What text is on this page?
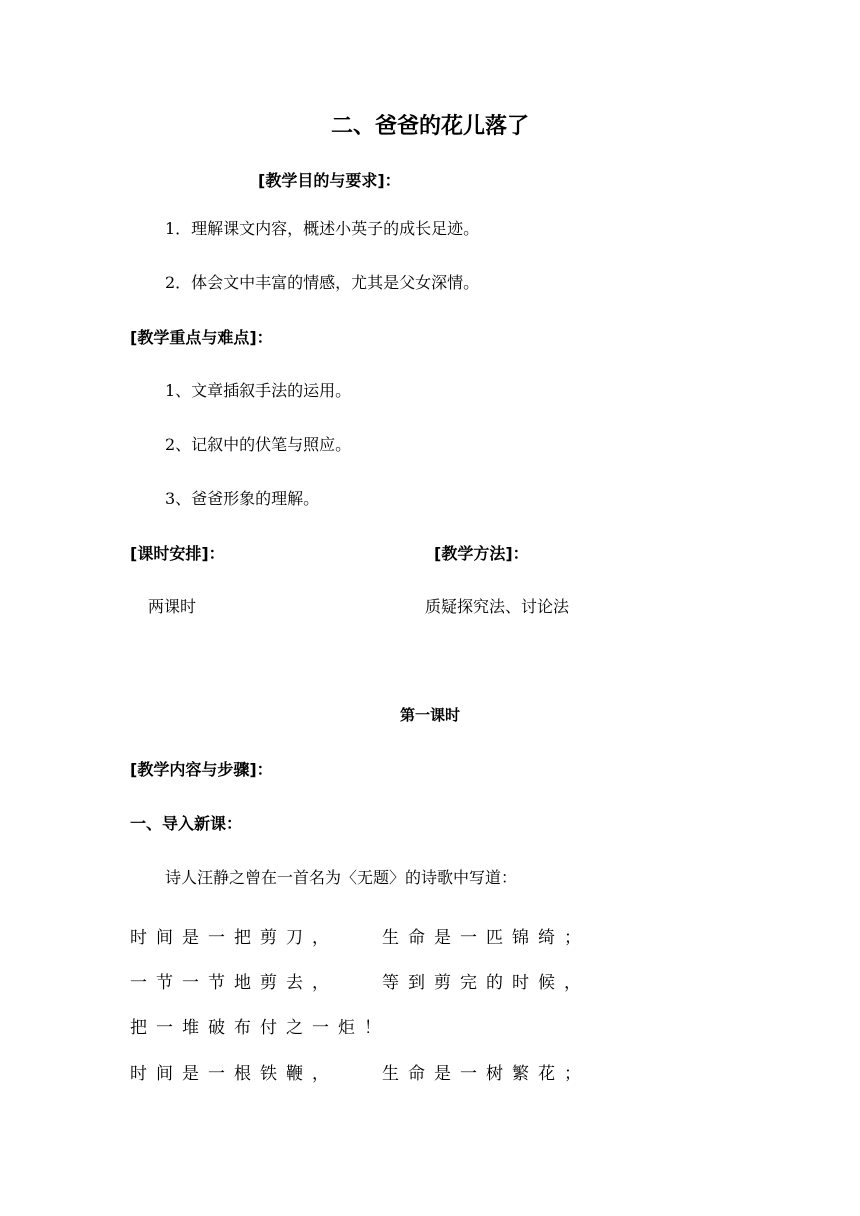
二、爸爸的花儿落了
[教学目的与要求]：
1．理解课文内容，概述小英子的成长足迹。
2．体会文中丰富的情感，尤其是父女深情。
[教学重点与难点]：
1、文章插叙手法的运用。
2、记叙中的伏笔与照应。
3、爸爸形象的理解。
[课时安排]：	[教学方法]：
两课时	质疑探究法、讨论法
第一课时
[教学内容与步骤]：
一、导入新课：
诗人汪静之曾在一首名为〈无题〉的诗歌中写道：
时间是一把剪刀，	生命是一匹锦绮；
一节一节地剪去，	等到剪完的时候，
把一堆破布付之一炬！
时间是一根铁鞭，	生命是一树繁花；
